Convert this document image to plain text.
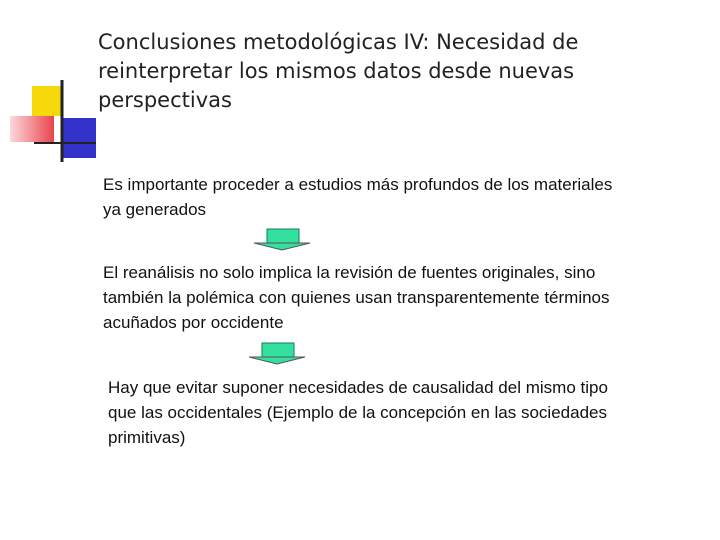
Conclusiones metodológicas IV: Necesidad de reinterpretar los mismos datos desde nuevas perspectivas
Es importante proceder a estudios más profundos de los materiales ya generados
El reanálisis no solo implica la revisión de fuentes originales, sino también la polémica con quienes usan transparentemente términos acuñados por occidente
Hay que evitar suponer necesidades de causalidad del mismo tipo que las occidentales (Ejemplo de la concepción en las sociedades primitivas)
